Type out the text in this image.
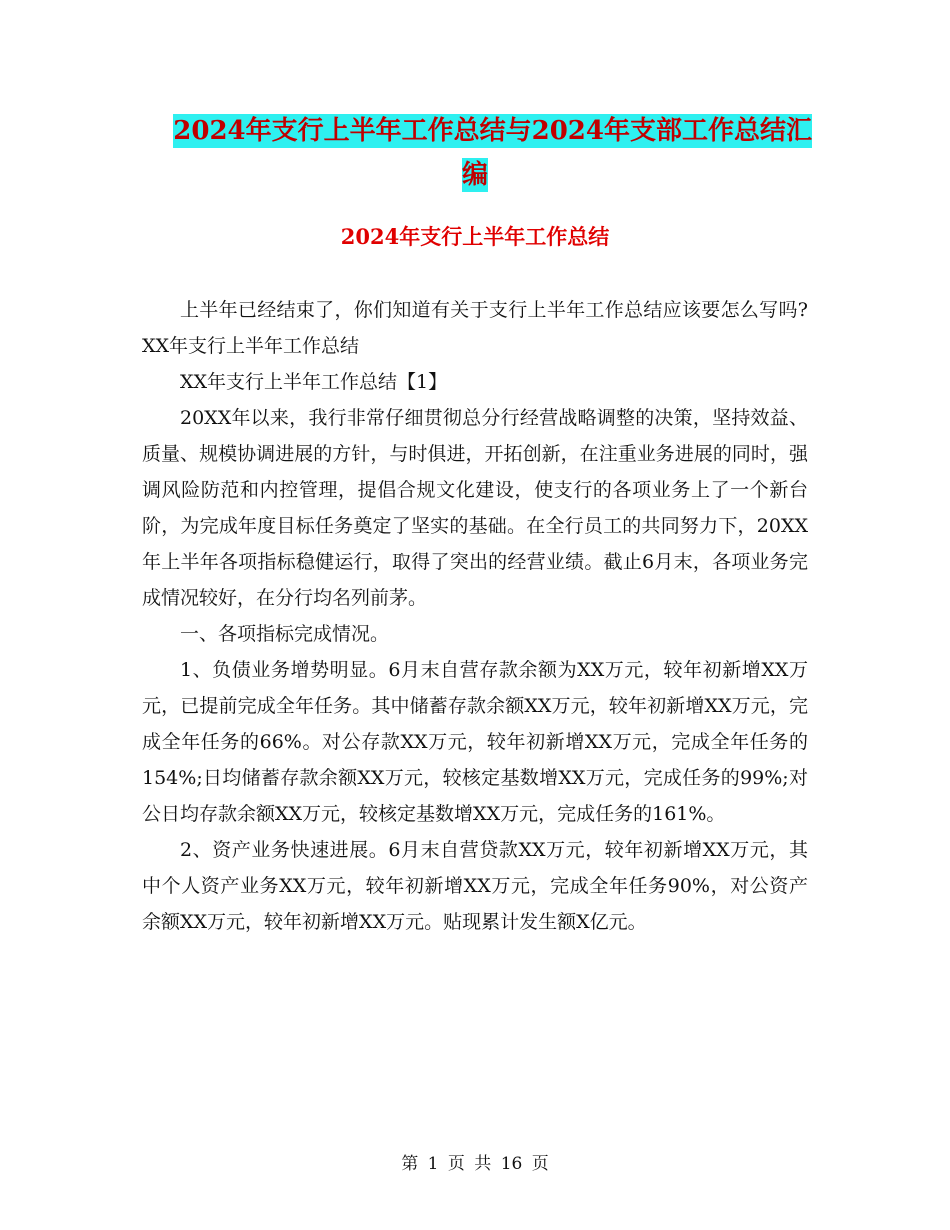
2024年支行上半年工作总结与2024年支部工作总结汇
编
2024年支行上半年工作总结

上半年已经结束了，你们知道有关于支行上半年工作总结应该要怎么写吗?XX年支行上半年工作总结

XX年支行上半年工作总结【1】

20XX年以来，我行非常仔细贯彻总分行经营战略调整的决策，坚持效益、质量、规模协调进展的方针，与时俱进，开拓创新，在注重业务进展的同时，强调风险防范和内控管理，提倡合规文化建设，使支行的各项业务上了一个新台阶，为完成年度目标任务奠定了坚实的基础。在全行员工的共同努力下，20XX年上半年各项指标稳健运行，取得了突出的经营业绩。截止6月末，各项业务完成情况较好，在分行均名列前茅。

一、各项指标完成情况。

1、负债业务增势明显。6月末自营存款余额为XX万元，较年初新增XX万元，已提前完成全年任务。其中储蓄存款余额XX万元，较年初新增XX万元，完成全年任务的66%。对公存款XX万元，较年初新增XX万元，完成全年任务的154%;日均储蓄存款余额XX万元，较核定基数增XX万元，完成任务的99%;对公日均存款余额XX万元，较核定基数增XX万元，完成任务的161%。

2、资产业务快速进展。6月末自营贷款XX万元，较年初新增XX万元，其中个人资产业务XX万元，较年初新增XX万元，完成全年任务90%，对公资产余额XX万元，较年初新增XX万元。贴现累计发生额X亿元。

第 1 页 共 16 页
